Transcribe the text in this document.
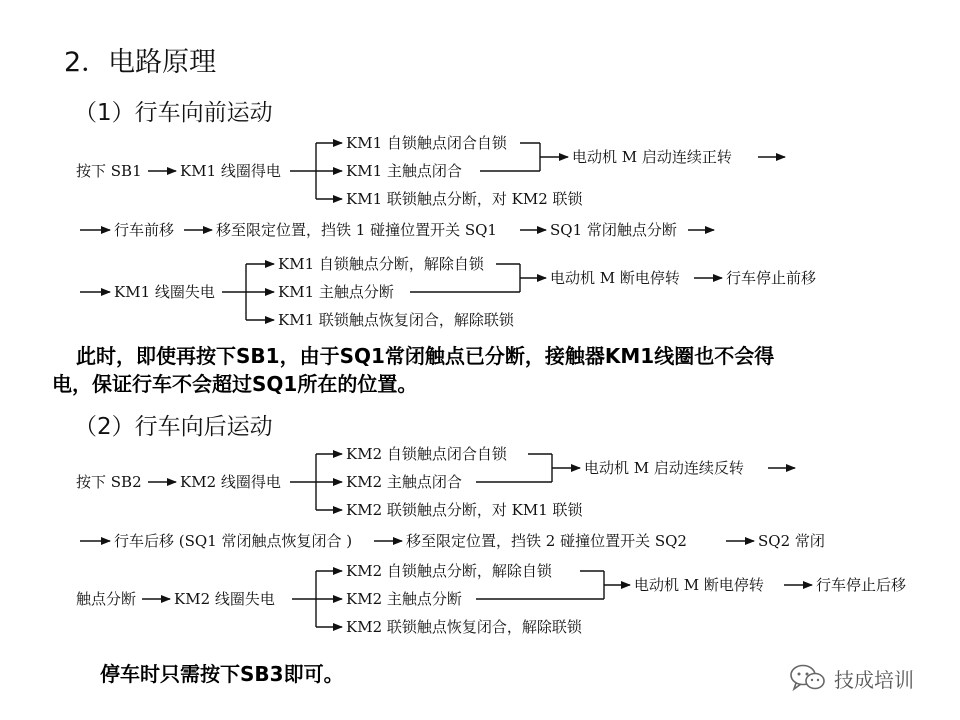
2．电路原理
（1）行车向前运动
按下 SB1	KM1 线圈得电
KM1 自锁触点闭合自锁
KM1 主触点闭合
KM1 联锁触点分断，对 KM2 联锁
电动机 M 启动连续正转
行车前移	移至限定位置，挡铁 1 碰撞位置开关 SQ1	SQ1 常闭触点分断
KM1 线圈失电
KM1 自锁触点分断，解除自锁
KM1 主触点分断
KM1 联锁触点恢复闭合，解除联锁
电动机 M 断电停转	行车停止前移
此时，即使再按下SB1，由于SQ1常闭触点已分断，接触器KM1线圈也不会得
电，保证行车不会超过SQ1所在的位置。
（2）行车向后运动
按下 SB2	KM2 线圈得电
KM2 自锁触点闭合自锁
KM2 主触点闭合
KM2 联锁触点分断，对 KM1 联锁
电动机 M 启动连续反转
行车后移 (SQ1 常闭触点恢复闭合 )	移至限定位置，挡铁 2 碰撞位置开关 SQ2	SQ2 常闭
触点分断	KM2 线圈失电
KM2 自锁触点分断，解除自锁
KM2 主触点分断
KM2 联锁触点恢复闭合，解除联锁
电动机 M 断电停转	行车停止后移
停车时只需按下SB3即可。	技成培训
